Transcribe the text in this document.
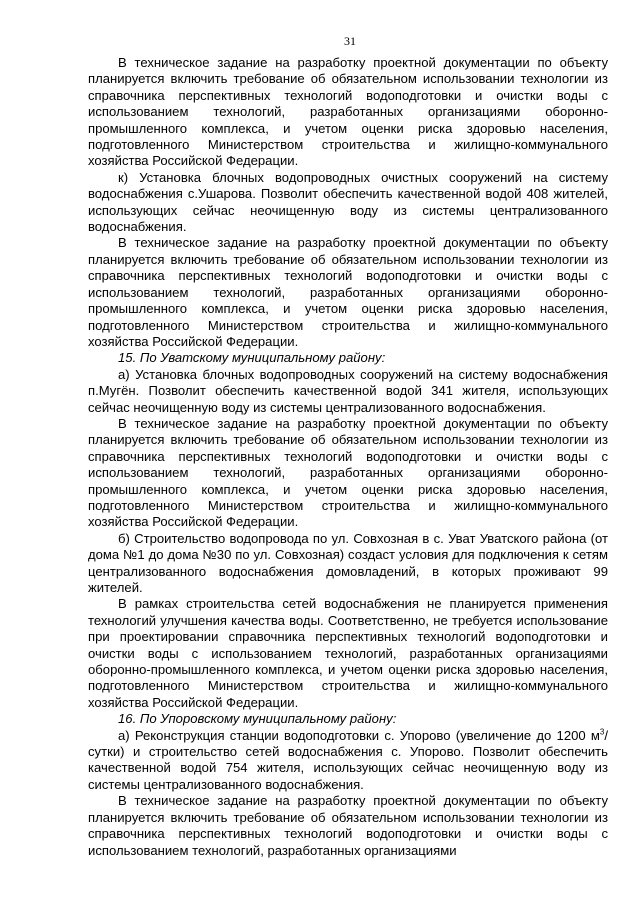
31

В техническое задание на разработку проектной документации по объекту планируется включить требование об обязательном использовании технологии из справочника перспективных технологий водоподготовки и очистки воды с использованием технологий, разработанных организациями оборонно-промышленного комплекса, и учетом оценки риска здоровью населения, подготовленного Министерством строительства и жилищно-коммунального хозяйства Российской Федерации.

к) Установка блочных водопроводных очистных сооружений на систему водоснабжения с.Ушарова. Позволит обеспечить качественной водой 408 жителей, использующих сейчас неочищенную воду из системы централизованного водоснабжения.

В техническое задание на разработку проектной документации по объекту планируется включить требование об обязательном использовании технологии из справочника перспективных технологий водоподготовки и очистки воды с использованием технологий, разработанных организациями оборонно-промышленного комплекса, и учетом оценки риска здоровью населения, подготовленного Министерством строительства и жилищно-коммунального хозяйства Российской Федерации.

15. По Уватскому муниципальному району:

а) Установка блочных водопроводных сооружений на систему водоснабжения п.Мугён. Позволит обеспечить качественной водой 341 жителя, использующих сейчас неочищенную воду из системы централизованного водоснабжения.

В техническое задание на разработку проектной документации по объекту планируется включить требование об обязательном использовании технологии из справочника перспективных технологий водоподготовки и очистки воды с использованием технологий, разработанных организациями оборонно-промышленного комплекса, и учетом оценки риска здоровью населения, подготовленного Министерством строительства и жилищно-коммунального хозяйства Российской Федерации.

б) Строительство водопровода по ул. Совхозная в с. Уват Уватского района (от дома №1 до дома №30 по ул. Совхозная) создаст условия для подключения к сетям централизованного водоснабжения домовладений, в которых проживают 99 жителей.

В рамках строительства сетей водоснабжения не планируется применения технологий улучшения качества воды. Соответственно, не требуется использование при проектировании справочника перспективных технологий водоподготовки и очистки воды с использованием технологий, разработанных организациями оборонно-промышленного комплекса, и учетом оценки риска здоровью населения, подготовленного Министерством строительства и жилищно-коммунального хозяйства Российской Федерации.

16. По Упоровскому муниципальному району:

а) Реконструкция станции водоподготовки с. Упорово (увеличение до 1200 $м^3/сутки$) и строительство сетей водоснабжения с. Упорово. Позволит обеспечить качественной водой 754 жителя, использующих сейчас неочищенную воду из системы централизованного водоснабжения.

В техническое задание на разработку проектной документации по объекту планируется включить требование об обязательном использовании технологии из справочника перспективных технологий водоподготовки и очистки воды с использованием технологий, разработанных организациями
